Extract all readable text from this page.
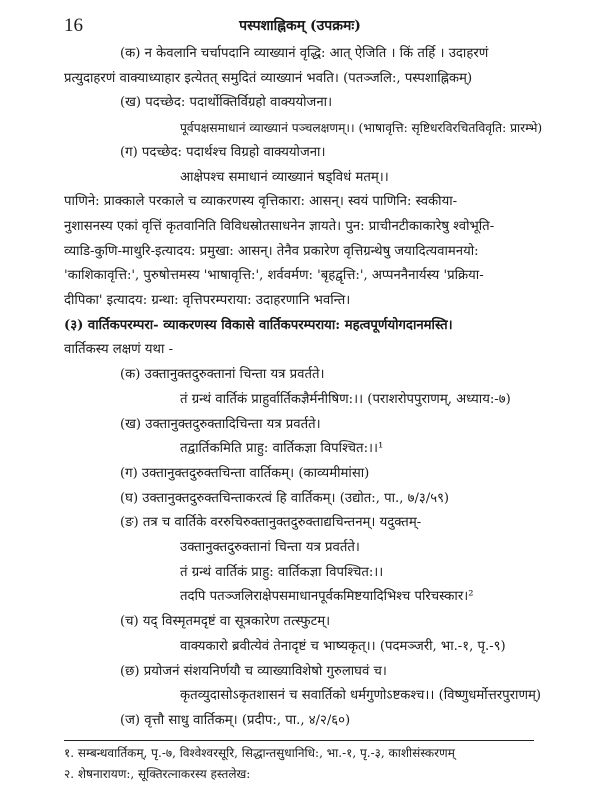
16	पस्पशाह्निकम् (उपक्रमः)
(क) न केवलानि चर्चापदानि व्याख्यानं वृद्धि: आत् ऐजिति । किं तर्हि । उदाहरणं
प्रत्युदाहरणं वाक्याध्याहार इत्येतत् समुदितं व्याख्यानं भवति। (पतञ्जलि:, पस्पशाह्निकम्)
(ख) पदच्छेद: पदार्थोक्तिर्विग्रहो वाक्ययोजना।
पूर्वपक्षसमाधानं व्याख्यानं पञ्चलक्षणम्।। (भाषावृत्ति: सृष्टिधरविरचितविवृति: प्रारम्भे)
(ग) पदच्छेद: पदार्थश्च विग्रहो वाक्ययोजना।
आक्षेपश्च समाधानं व्याख्यानं षड्विधं मतम्।।
पाणिने: प्राक्काले परकाले च व्याकरणस्य वृत्तिकारा: आसन्। स्वयं पाणिनि: स्वकीया-
नुशासनस्य एकां वृत्तिं कृतवानिति विविधस्रोतसाधनेन ज्ञायते। पुन: प्राचीनटीकाकारेषु श्वोभूति-
व्याडि-कुणि-माथुरि-इत्यादय: प्रमुखा: आसन्। तेनैव प्रकारेण वृत्तिग्रन्थेषु जयादित्यवामनयो:
'काशिकावृत्ति:', पुरुषोत्तमस्य 'भाषावृत्ति:', शर्ववर्मण: 'बृहद्वृत्ति:', अप्पननैनार्यस्य 'प्रक्रिया-
दीपिका' इत्यादय: ग्रन्था: वृत्तिपरम्पराया: उदाहरणानि भवन्ति।
(३) वार्तिकपरम्परा- व्याकरणस्य विकासे वार्तिकपरम्पराया: महत्वपूर्णयोगदानमस्ति।
वार्तिकस्य लक्षणं यथा -
(क) उक्तानुक्तदुरुक्तानां चिन्ता यत्र प्रवर्तते।
तं ग्रन्थं वार्तिकं प्राहुर्वार्तिकज्ञैर्मनीषिण:।। (पराशरोपपुराणम्, अध्याय:-७)
(ख) उक्तानुक्तदुरुक्तादिचिन्ता यत्र प्रवर्तते।
तद्वार्तिकमिति प्राहु: वार्तिकज्ञा विपश्चित:।।¹
(ग) उक्तानुक्तदुरुक्तचिन्ता वार्तिकम्। (काव्यमीमांसा)
(घ) उक्तानुक्तदुरुक्तचिन्ताकरत्वं हि वार्तिकम्। (उद्योत:, पा., ७/३/५९)
(ङ) तत्र च वार्तिके वररुचिरुक्तानुक्तदुरुक्ताद्यचिन्तनम्। यदुक्तम्-
उक्तानुक्तदुरुक्तानां चिन्ता यत्र प्रवर्तते।
तं ग्रन्थं वार्तिकं प्राहु: वार्तिकज्ञा विपश्चित:।।
तदपि पतञ्जलिराक्षेपसमाधानपूर्वकमिष्टयादिभिश्च परिचस्कार।²
(च) यद् विस्मृतमदृष्टं वा सूत्रकारेण तत्स्फुटम्।
वाक्यकारो ब्रवीत्येवं तेनादृष्टं च भाष्यकृत्।। (पदमञ्जरी, भा.-१, पृ.-९)
(छ) प्रयोजनं संशयनिर्णयौ च व्याख्याविशेषो गुरुलाघवं च।
कृतव्युदासोऽकृतशासनं च सवार्तिको धर्मगुणोऽष्टकश्च।। (विष्णुधर्मोत्तरपुराणम्)
(ज) वृत्तौ साधु वार्तिकम्। (प्रदीप:, पा., ४/२/६०)
१. सम्बन्धवार्तिकम्, पृ.-७, विश्वेश्वरसूरि, सिद्धान्तसुधानिधि:, भा.-१, पृ.-३, काशीसंस्करणम्
२. शेषनारायण:, सूक्तिरत्नाकरस्य हस्तलेख:
